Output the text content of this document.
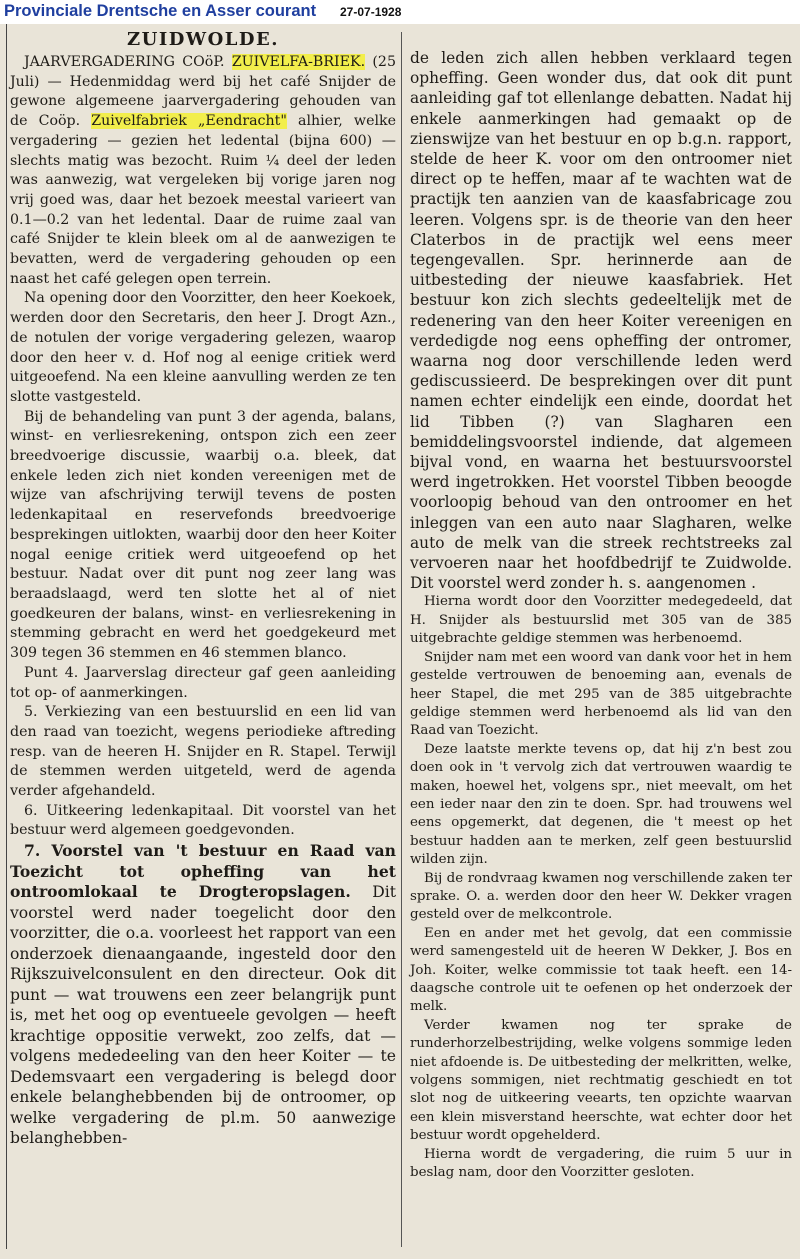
Provinciale Drentsche en Asser courant 27-07-1928
ZUIDWOLDE.

JAARVERGADERING COöP. ZUIVELFA-BRIEK. (25 Juli) — Hedenmiddag werd bij het café Snijder de gewone algemeene jaarvergadering gehouden van de Coöp. Zuivelfabriek „Eendracht" alhier, welke vergadering — gezien het ledental (bijna 600) — slechts matig was bezocht. Ruim ¼ deel der leden was aanwezig, wat vergeleken bij vorige jaren nog vrij goed was, daar het bezoek meestal varieert van 0.1—0.2 van het ledental. Daar de ruime zaal van café Snijder te klein bleek om al de aanwezigen te bevatten, werd de vergadering gehouden op een naast het café gelegen open terrein.

Na opening door den Voorzitter, den heer Koekoek, werden door den Secretaris, den heer J. Drogt Azn., de notulen der vorige vergadering gelezen, waarop door den heer v. d. Hof nog al eenige critiek werd uitgeoefend. Na een kleine aanvulling werden ze ten slotte vastgesteld.

Bij de behandeling van punt 3 der agenda, balans, winst- en verliesrekening, ontspon zich een zeer breedvoerige discussie, waarbij o.a. bleek, dat enkele leden zich niet konden vereenigen met de wijze van afschrijving terwijl tevens de posten ledenkapitaal en reservefonds breedvoerige besprekingen uitlokten, waarbij door den heer Koiter nogal eenige critiek werd uitgeoefend op het bestuur. Nadat over dit punt nog zeer lang was beraadslaagd, werd ten slotte het al of niet goedkeuren der balans, winst- en verliesrekening in stemming gebracht en werd het goedgekeurd met 309 tegen 36 stemmen en 46 stemmen blanco.

Punt 4. Jaarverslag directeur gaf geen aanleiding tot op- of aanmerkingen.

5. Verkiezing van een bestuurslid en een lid van den raad van toezicht, wegens periodieke aftreding resp. van de heeren H. Snijder en R. Stapel. Terwijl de stemmen werden uitgeteld, werd de agenda verder afgehandeld.

6. Uitkeering ledenkapitaal. Dit voorstel van het bestuur werd algemeen goedgevonden.

7. Voorstel van 't bestuur en Raad van Toezicht tot opheffing van het ontroomlokaal te Drogteropslagen. Dit voorstel werd nader toegelicht door den voorzitter, die o.a. voorleest het rapport van een onderzoek dienaangaande, ingesteld door den Rijkszuivelconsulent en den directeur. Ook dit punt — wat trouwens een zeer belangrijk punt is, met het oog op eventueele gevolgen — heeft krachtige oppositie verwekt, zoo zelfs, dat — volgens mededeeling van den heer Koiter — te Dedemsvaart een vergadering is belegd door enkele belanghebbenden bij de ontroomer, op welke vergadering de pl.m. 50 aanwezige belanghebben-

de leden zich allen hebben verklaard tegen opheffing. Geen wonder dus, dat ook dit punt aanleiding gaf tot ellenlange debatten. Nadat hij enkele aanmerkingen had gemaakt op de zienswijze van het bestuur en op b.g.n. rapport, stelde de heer K. voor om den ontroomer niet direct op te heffen, maar af te wachten wat de practijk ten aanzien van de kaasfabricage zou leeren. Volgens spr. is de theorie van den heer Claterbos in de practijk wel eens meer tegengevallen. Spr. herinnerde aan de uitbesteding der nieuwe kaasfabriek. Het bestuur kon zich slechts gedeeltelijk met de redenering van den heer Koiter vereenigen en verdedigde nog eens opheffing der ontromer, waarna nog door verschillende leden werd gediscussieerd. De besprekingen over dit punt namen echter eindelijk een einde, doordat het lid Tibben (?) van Slagharen een bemiddelingsvoorstel indiende, dat algemeen bijval vond, en waarna het bestuursvoorstel werd ingetrokken. Het voorstel Tibben beoogde voorloopig behoud van den ontroomer en het inleggen van een auto naar Slagharen, welke auto de melk van die streek rechtstreeks zal vervoeren naar het hoofdbedrijf te Zuidwolde. Dit voorstel werd zonder h. s. aangenomen .

Hierna wordt door den Voorzitter medegedeeld, dat H. Snijder als bestuurslid met 305 van de 385 uitgebrachte geldige stemmen was herbenoemd.

Snijder nam met een woord van dank voor het in hem gestelde vertrouwen de benoeming aan, evenals de heer Stapel, die met 295 van de 385 uitgebrachte geldige stemmen werd herbenoemd als lid van den Raad van Toezicht.

Deze laatste merkte tevens op, dat hij z'n best zou doen ook in 't vervolg zich dat vertrouwen waardig te maken, hoewel het, volgens spr., niet meevalt, om het een ieder naar den zin te doen. Spr. had trouwens wel eens opgemerkt, dat degenen, die 't meest op het bestuur hadden aan te merken, zelf geen bestuurslid wilden zijn.

Bij de rondvraag kwamen nog verschillende zaken ter sprake. O. a. werden door den heer W. Dekker vragen gesteld over de melkcontrole.

Een en ander met het gevolg, dat een commissie werd samengesteld uit de heeren W Dekker, J. Bos en Joh. Koiter, welke commissie tot taak heeft. een 14-daagsche controle uit te oefenen op het onderzoek der melk.

Verder kwamen nog ter sprake de runderhorzelbestrijding, welke volgens sommige leden niet afdoende is. De uitbesteding der melkritten, welke, volgens sommigen, niet rechtmatig geschiedt en tot slot nog de uitkeering veearts, ten opzichte waarvan een klein misverstand heerschte, wat echter door het bestuur wordt opgehelderd.

Hierna wordt de vergadering, die ruim 5 uur in beslag nam, door den Voorzitter gesloten.
